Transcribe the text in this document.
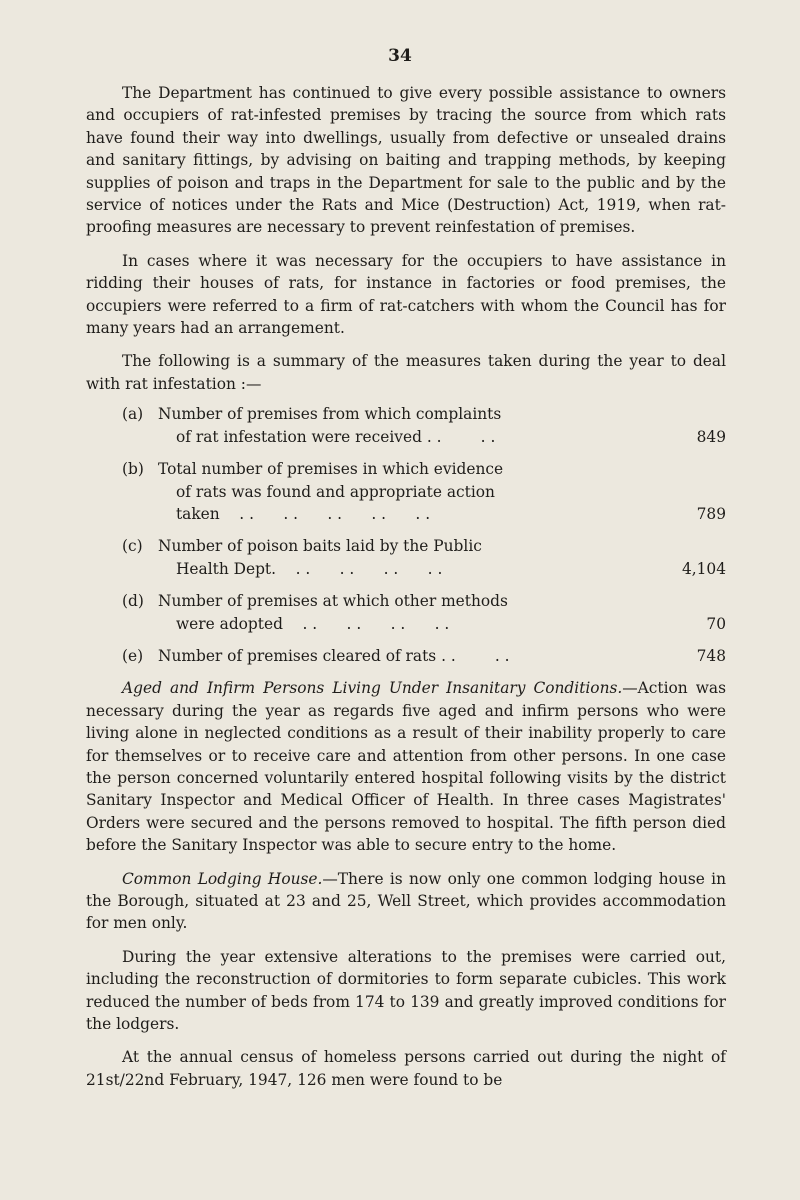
34

The Department has continued to give every possible assistance to owners and occupiers of rat-infested premises by tracing the source from which rats have found their way into dwellings, usually from defective or unsealed drains and sanitary fittings, by advising on baiting and trapping methods, by keeping supplies of poison and traps in the Department for sale to the public and by the service of notices under the Rats and Mice (Destruction) Act, 1919, when rat-proofing measures are necessary to prevent reinfestation of premises.

In cases where it was necessary for the occupiers to have assistance in ridding their houses of rats, for instance in factories or food premises, the occupiers were referred to a firm of rat-catchers with whom the Council has for many years had an arrangement.

The following is a summary of the measures taken during the year to deal with rat infestation :—

(a) Number of premises from which complaints

of rat infestation were received . .        . .	849
(b) Total number of premises in which evidence

of rats was found and appropriate action
taken    . .      . .      . .      . .      . .	789
(c) Number of poison baits laid by the Public

Health Dept.    . .      . .      . .      . .	4,104
(d) Number of premises at which other methods

were adopted    . .      . .      . .      . .	70
(e) Number of premises cleared of rats . .        . .	748

Aged and Infirm Persons Living Under Insanitary Conditions.—Action was necessary during the year as regards five aged and infirm persons who were living alone in neglected conditions as a result of their inability properly to care for themselves or to receive care and attention from other persons. In one case the person concerned voluntarily entered hospital following visits by the district Sanitary Inspector and Medical Officer of Health. In three cases Magistrates' Orders were secured and the persons removed to hospital. The fifth person died before the Sanitary Inspector was able to secure entry to the home.

Common Lodging House.—There is now only one common lodging house in the Borough, situated at 23 and 25, Well Street, which provides accommodation for men only.

During the year extensive alterations to the premises were carried out, including the reconstruction of dormitories to form separate cubicles. This work reduced the number of beds from 174 to 139 and greatly improved conditions for the lodgers.

At the annual census of homeless persons carried out during the night of 21st/22nd February, 1947, 126 men were found to be
